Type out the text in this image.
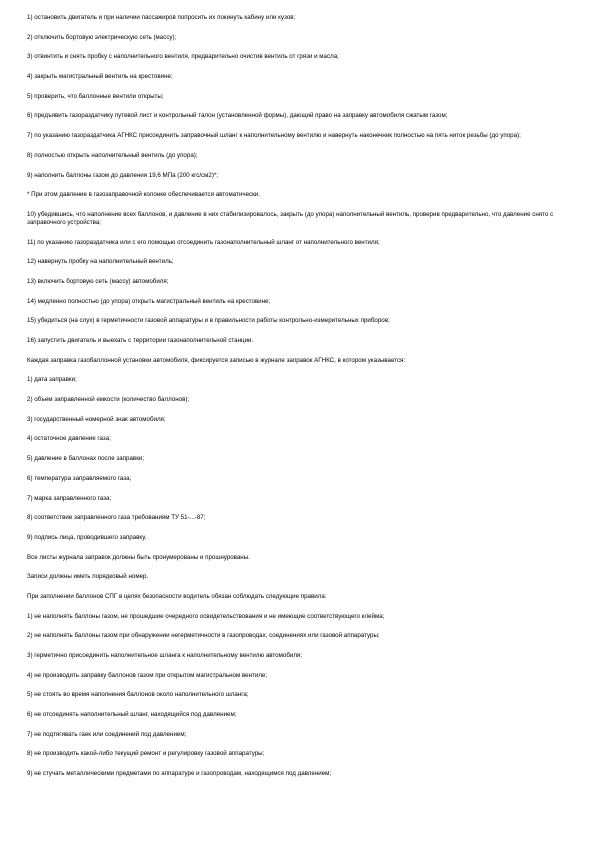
1) остановить двигатель и при наличии пассажиров попросить их покинуть кабину или кузов;

2) отключить бортовую электрическую сеть (массу);

3) отвинтить и снять пробку с наполнительного вентиля, предварительно очистив вентиль от грязи и масла;

4) закрыть магистральный вентиль на крестовине;

5) проверить, что баллонные вентили открыты;

6) предъявить газораздатчику путевой лист и контрольный талон (установленной формы), дающий право на заправку автомобиля сжатым газом;

7) по указанию газораздатчика АГНКС присоединить заправочный шланг к наполнительному вентилю и навернуть наконечник полностью на пять ниток резьбы (до упора);

8) полностью открыть наполнительный вентиль (до упора);

9) наполнить баллоны газом до давления 19,6 МПа (200 кгс/см2)*;

* При этом давление в газозаправочной колонке обеспечивается автоматически.

10) убедившись, что наполнение всех баллонов, и давление в них стабилизировалось, закрыть (до упора) наполнительный вентиль, проверив предварительно, что давление снято с заправочного устройства;

11) по указанию газораздатчика или с его помощью отсоединить газонаполнительный шланг от наполнительного вентиля;

12) навернуть пробку на наполнительный вентиль;

13) включить бортовую сеть (массу) автомобиля;

14) медленно полностью (до упора) открыть магистральный вентиль на крестовине;

15) убедиться (на слух) в герметичности газовой аппаратуры и в правильности работы контрольно-измерительных приборов;

16) запустить двигатель и выехать с территории газонаполнительной станции.

Каждая заправка газобаллонной установки автомобиля, фиксируется записью в журнале заправок АГНКС, в котором указывается:

1) дата заправки;

2) объем заправленной емкости (количество баллонов);

3) государственный номерной знак автомобиля;

4) остаточное давление газа;

5) давление в баллонах после заправки;

6) температура заправляемого газа;

7) марка заправленного газа;

8) соответствие заправленного газа требованиям ТУ 51-...-87;

9) подпись лица, проводившего заправку.

Все листы журнала заправок должны быть пронумерованы и прошнурованы.

Записи должны иметь порядковый номер.

При заполнении баллонов СПГ в целях безопасности водитель обязан соблюдать следующие правила:

1) не наполнять баллоны газом, не прошедшие очередного освидетельствования и не имеющие соответствующего клейма;

2) не наполнять баллоны газом при обнаружении негерметичности в газопроводах, соединениях или газовой аппаратуры;

3) герметично присоединить наполнительное шланга к наполнительному вентилю автомобиля;

4) не производить заправку баллонов газом при открытом магистральном вентиле;

5) не стоять во время наполнения баллонов около наполнительного шланга;

6) не отсоединять наполнительный шланг, находящийся под давлением;

7) не подтягивать гаек или соединений под давлением;

8) не производить какой-либо текущий ремонт и регулировку газовой аппаратуры;

9) не стучать металлическими предметами по аппаратуре и газопроводам, находящимся под давлением;
